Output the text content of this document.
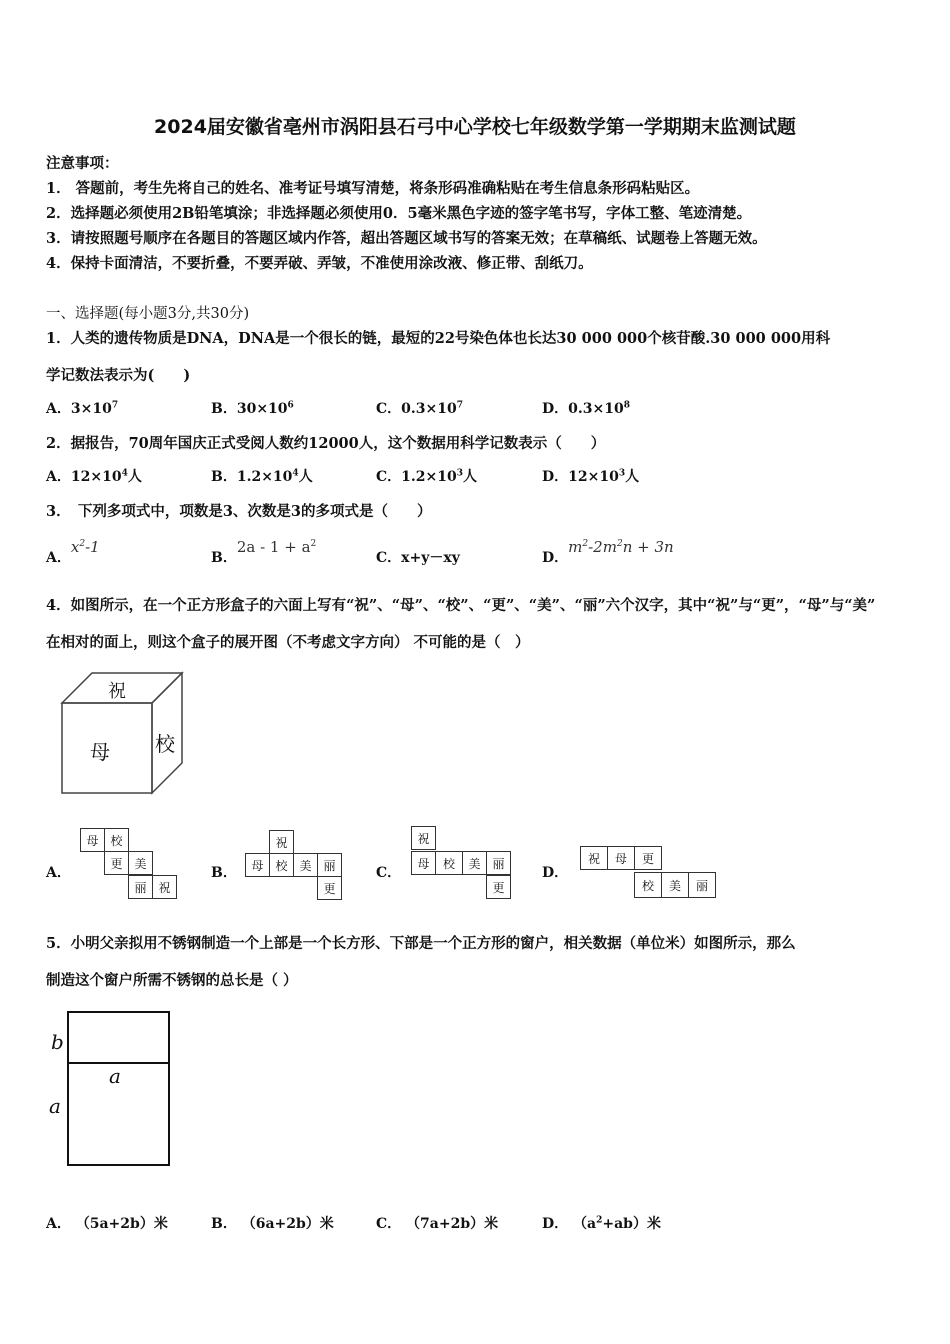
2024届安徽省亳州市涡阳县石弓中心学校七年级数学第一学期期末监测试题
注意事项：
1． 答题前，考生先将自己的姓名、准考证号填写清楚，将条形码准确粘贴在考生信息条形码粘贴区。
2．选择题必须使用2B铅笔填涂；非选择题必须使用0．5毫米黑色字迹的签字笔书写，字体工整、笔迹清楚。
3．请按照题号顺序在各题目的答题区域内作答，超出答题区域书写的答案无效；在草稿纸、试题卷上答题无效。
4．保持卡面清洁，不要折叠，不要弄破、弄皱，不准使用涂改液、修正带、刮纸刀。
一、选择题(每小题3分,共30分)
1．人类的遗传物质是DNA，DNA是一个很长的链，最短的22号染色体也长达30 000 000个核苷酸.30 000 000用科
学记数法表示为(　　)
A．$3\times 10^7$	B．$30\times 10^6$	C．$0.3\times 10^7$	D．$0.3\times 10^8$
2．据报告，70周年国庆正式受阅人数约12000人，这个数据用科学记数表示（　　）
A．$12\times 10^4$人	B．$1.2\times 10^4$人	C．$1.2\times 10^3$人	D．$12\times 10^3$人
3．　下列多项式中，项数是3、次数是3的多项式是（　　）
A．$x^2-1$
B．$2a - 1 + a^2$
C．x+y－xy	D．$m^2-2m^2n + 3n$
4．如图所示，在一个正方形盒子的六面上写有“祝”、“母”、“校”、“更”、“美”、“丽”六个汉字，其中“祝”与“更”，“母”与“美”
在相对的面上，则这个盒子的展开图（不考虑文字方向） 不可能的是（　）
祝
母 校
A．	B．	C．	D．
母 校
更 美
丽 祝
祝
母 校 美 丽
更
祝
母	校	美 丽
更
祝	母	更
校	美	丽
5．小明父亲拟用不锈钢制造一个上部是一个长方形、下部是一个正方形的窗户，相关数据（单位米）如图所示，那么
制造这个窗户所需不锈钢的总长是（ ）
b
a
a
A． （5a+2b）米	B． （6a+2b）米	C． （7a+2b）米	D． $(a^2+ab)$米
